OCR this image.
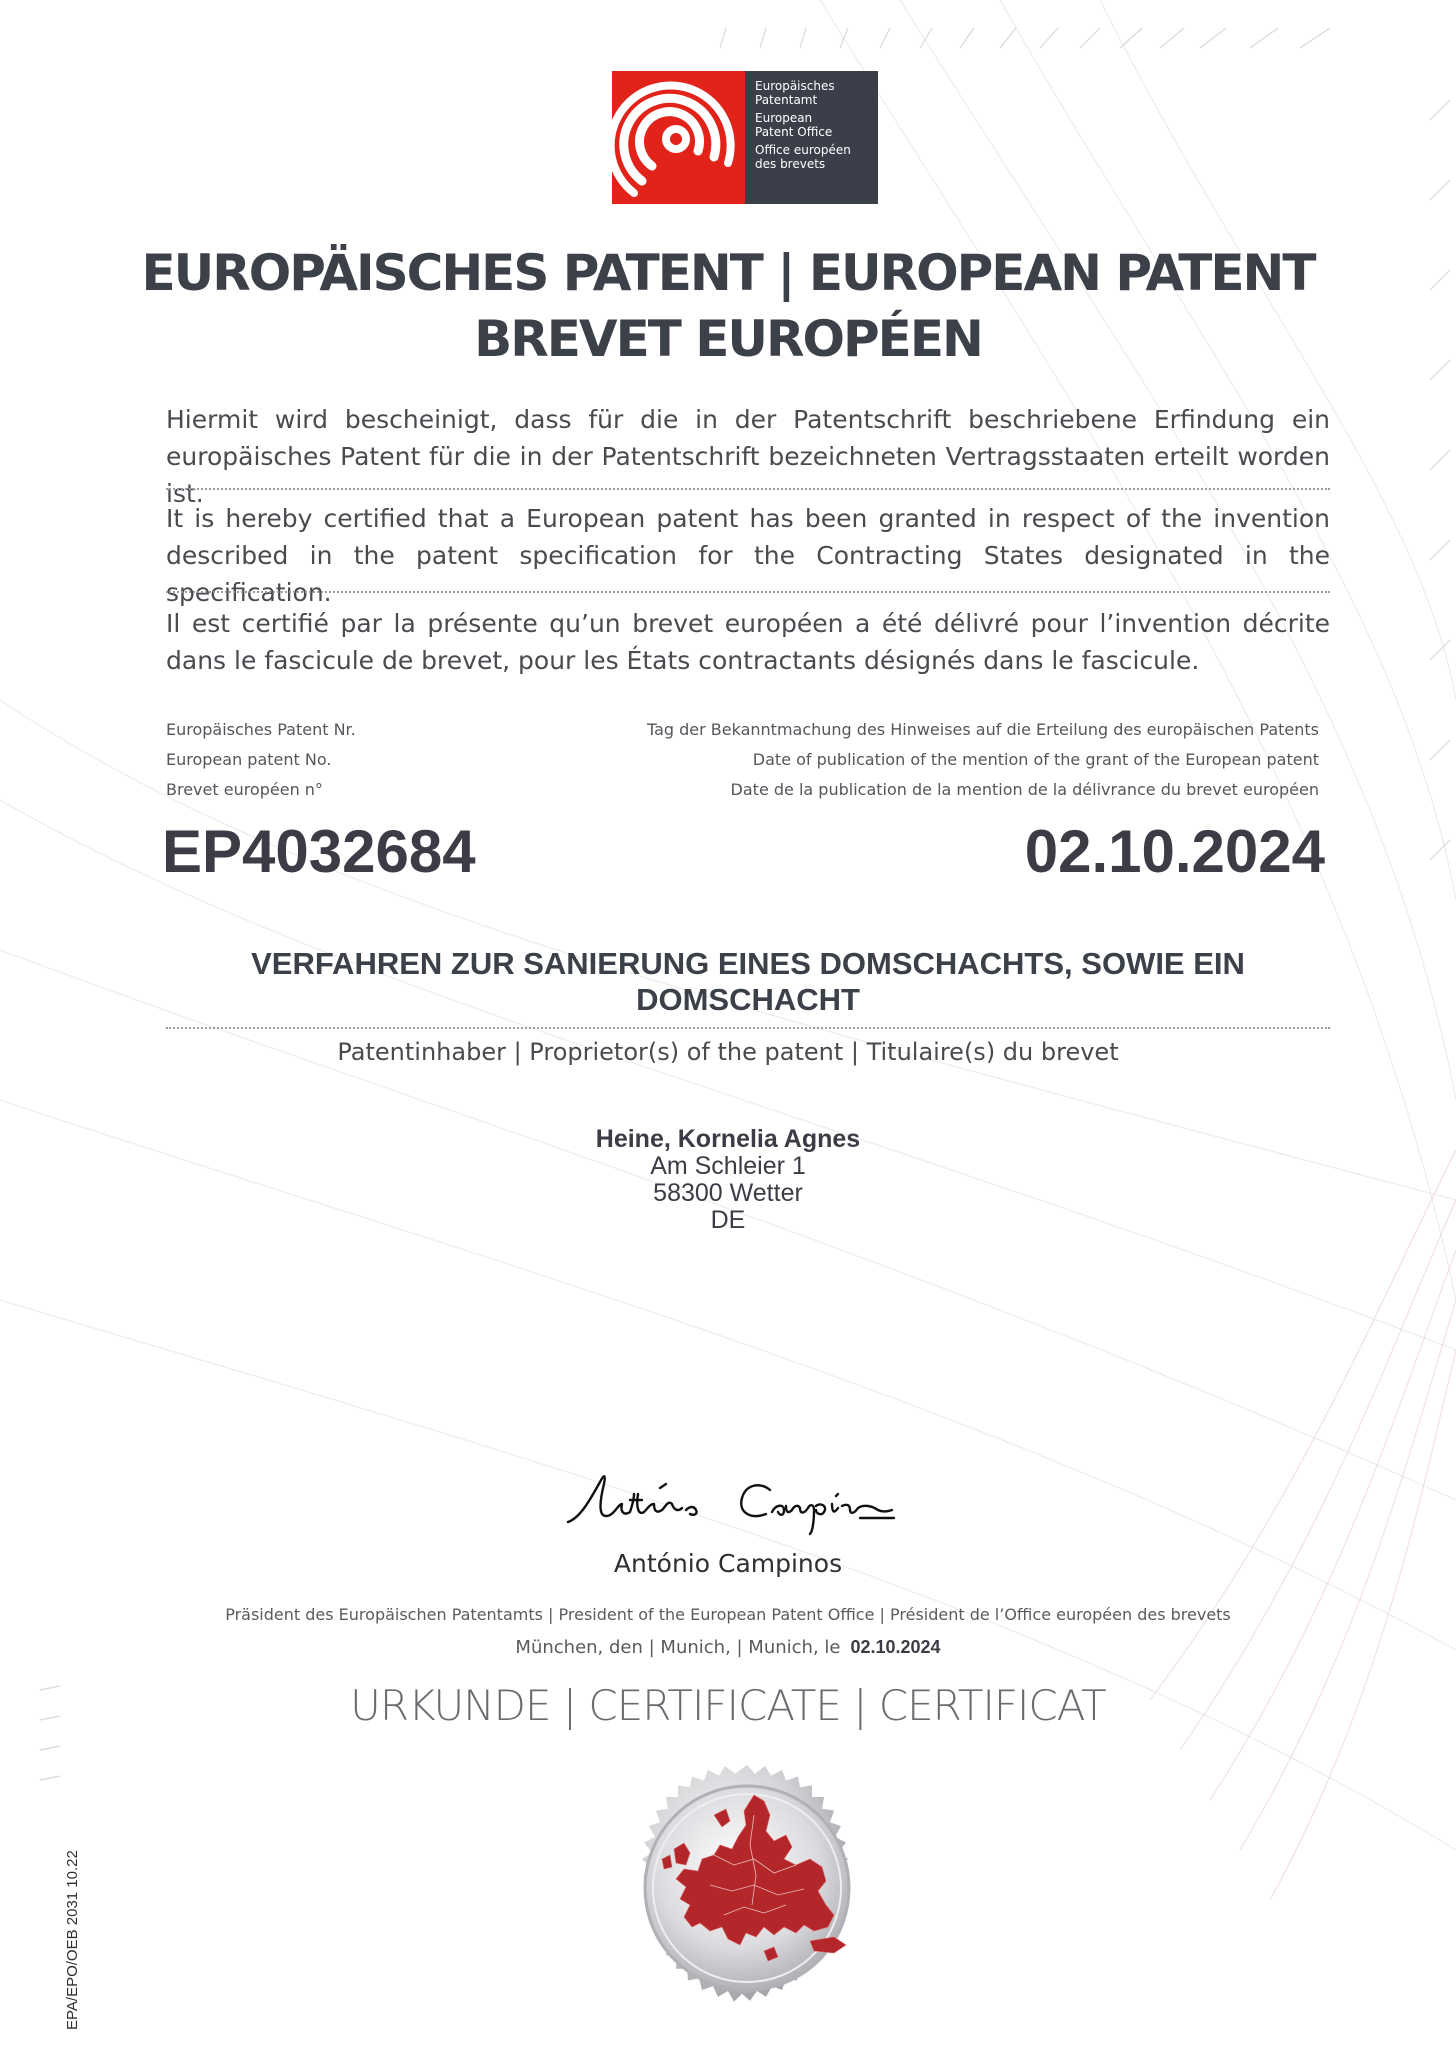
Europäisches
Patentamt
European
Patent Office
Office européen
des brevets
EUROPÄISCHES PATENT | EUROPEAN PATENT
BREVET EUROPÉEN
Hiermit wird bescheinigt, dass für die in der Patentschrift beschriebene Erfindung ein europäisches Patent für die in der Patentschrift bezeichneten Vertragsstaaten erteilt worden ist.
It is hereby certified that a European patent has been granted in respect of the invention described in the patent specification for the Contracting States designated in the specification.
Il est certifié par la présente qu’un brevet européen a été délivré pour l’invention décrite dans le fascicule de brevet, pour les États contractants désignés dans le fascicule.
Europäisches Patent Nr.
European patent No.
Brevet européen n°
Tag der Bekanntmachung des Hinweises auf die Erteilung des europäischen Patents
Date of publication of the mention of the grant of the European patent
Date de la publication de la mention de la délivrance du brevet européen
EP4032684	02.10.2024
VERFAHREN ZUR SANIERUNG EINES DOMSCHACHTS, SOWIE EIN
DOMSCHACHT
Patentinhaber | Proprietor(s) of the patent | Titulaire(s) du brevet
Heine, Kornelia Agnes
Am Schleier 1
58300 Wetter
DE
António Campinos
Präsident des Europäischen Patentamts | President of the European Patent Office | Président de l’Office européen des brevets
München, den | Munich, | Munich, le 02.10.2024
URKUNDE | CERTIFICATE | CERTIFICAT
EPA/EPO/OEB 2031 10.22
